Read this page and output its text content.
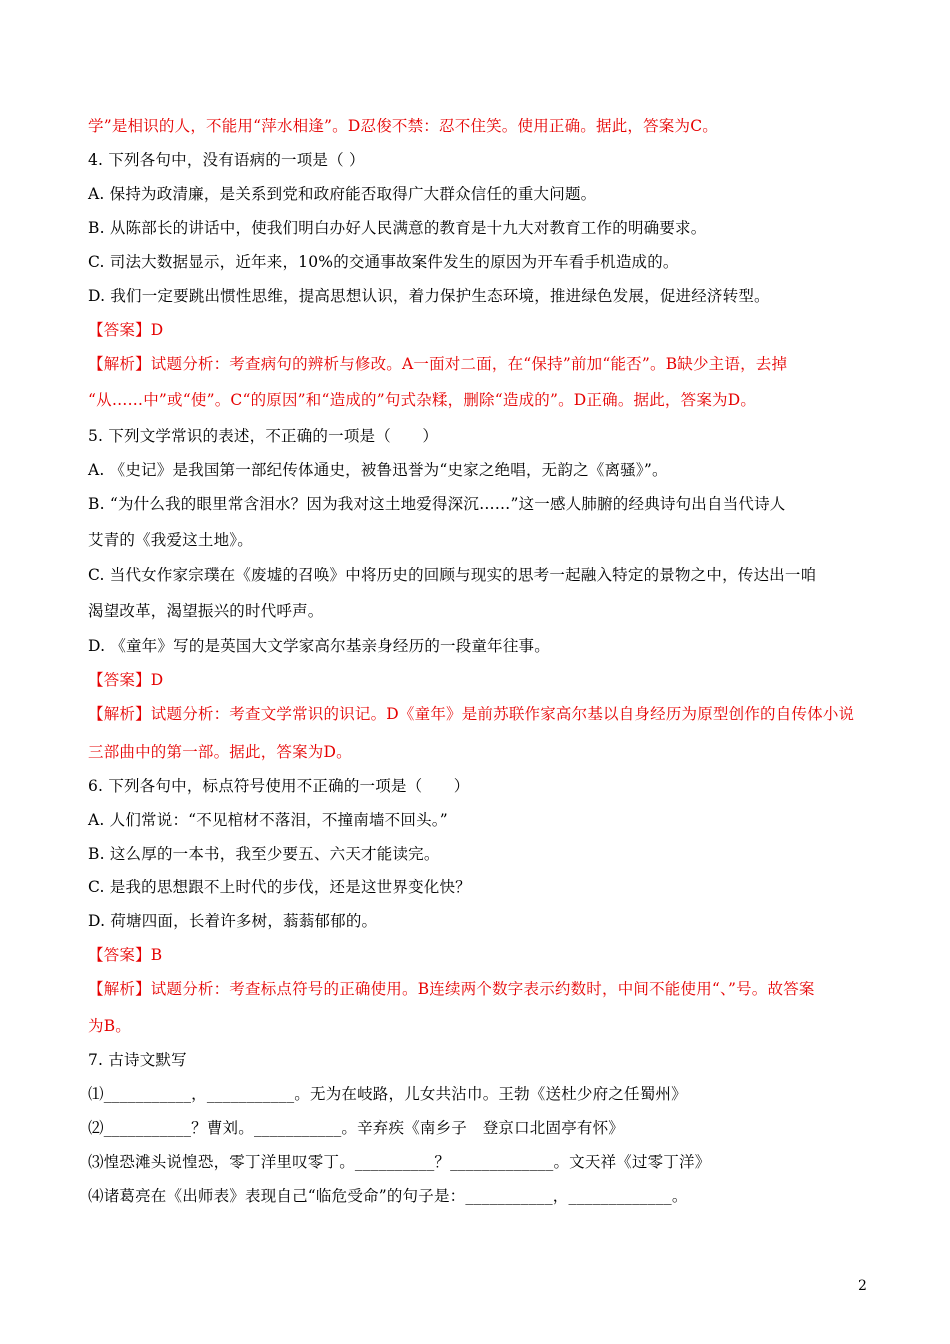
学”是相识的人，不能用“萍水相逢”。D忍俊不禁：忍不住笑。使用正确。据此，答案为C。
4. 下列各句中，没有语病的一项是（ ）
A. 保持为政清廉，是关系到党和政府能否取得广大群众信任的重大问题。
B. 从陈部长的讲话中，使我们明白办好人民满意的教育是十九大对教育工作的明确要求。
C. 司法大数据显示，近年来，10%的交通事故案件发生的原因为开车看手机造成的。
D. 我们一定要跳出惯性思维，提高思想认识，着力保护生态环境，推进绿色发展，促进经济转型。
【答案】D
【解析】试题分析：考查病句的辨析与修改。A一面对二面，在“保持”前加“能否”。B缺少主语，去掉
“从……中”或“使”。C“的原因”和“造成的”句式杂糅，删除“造成的”。D正确。据此，答案为D。
5. 下列文学常识的表述，不正确的一项是（　　）
A. 《史记》是我国第一部纪传体通史，被鲁迅誉为“史家之绝唱，无韵之《离骚》”。
B. “为什么我的眼里常含泪水？因为我对这土地爱得深沉……”这一感人肺腑的经典诗句出自当代诗人
艾青的《我爱这土地》。
C. 当代女作家宗璞在《废墟的召唤》中将历史的回顾与现实的思考一起融入特定的景物之中，传达出一咱
渴望改革，渴望振兴的时代呼声。
D. 《童年》写的是英国大文学家高尔基亲身经历的一段童年往事。
【答案】D
【解析】试题分析：考查文学常识的识记。D《童年》是前苏联作家高尔基以自身经历为原型创作的自传体小说
三部曲中的第一部。据此，答案为D。
6. 下列各句中，标点符号使用不正确的一项是（　　）
A. 人们常说：“不见棺材不落泪，不撞南墙不回头。”
B. 这么厚的一本书，我至少要五、六天才能读完。
C. 是我的思想跟不上时代的步伐，还是这世界变化快？
D. 荷塘四面，长着许多树，蓊蓊郁郁的。
【答案】B
【解析】试题分析：考查标点符号的正确使用。B连续两个数字表示约数时，中间不能使用“、”号。故答案
为B。
7. 古诗文默写
⑴___________，___________。无为在岐路，儿女共沾巾。王勃《送杜少府之任蜀州》
⑵___________？曹刘。___________。辛弃疾《南乡子　登京口北固亭有怀》
⑶惶恐滩头说惶恐，零丁洋里叹零丁。__________？_____________。文天祥《过零丁洋》
⑷诸葛亮在《出师表》表现自己“临危受命”的句子是：___________，_____________。
2
